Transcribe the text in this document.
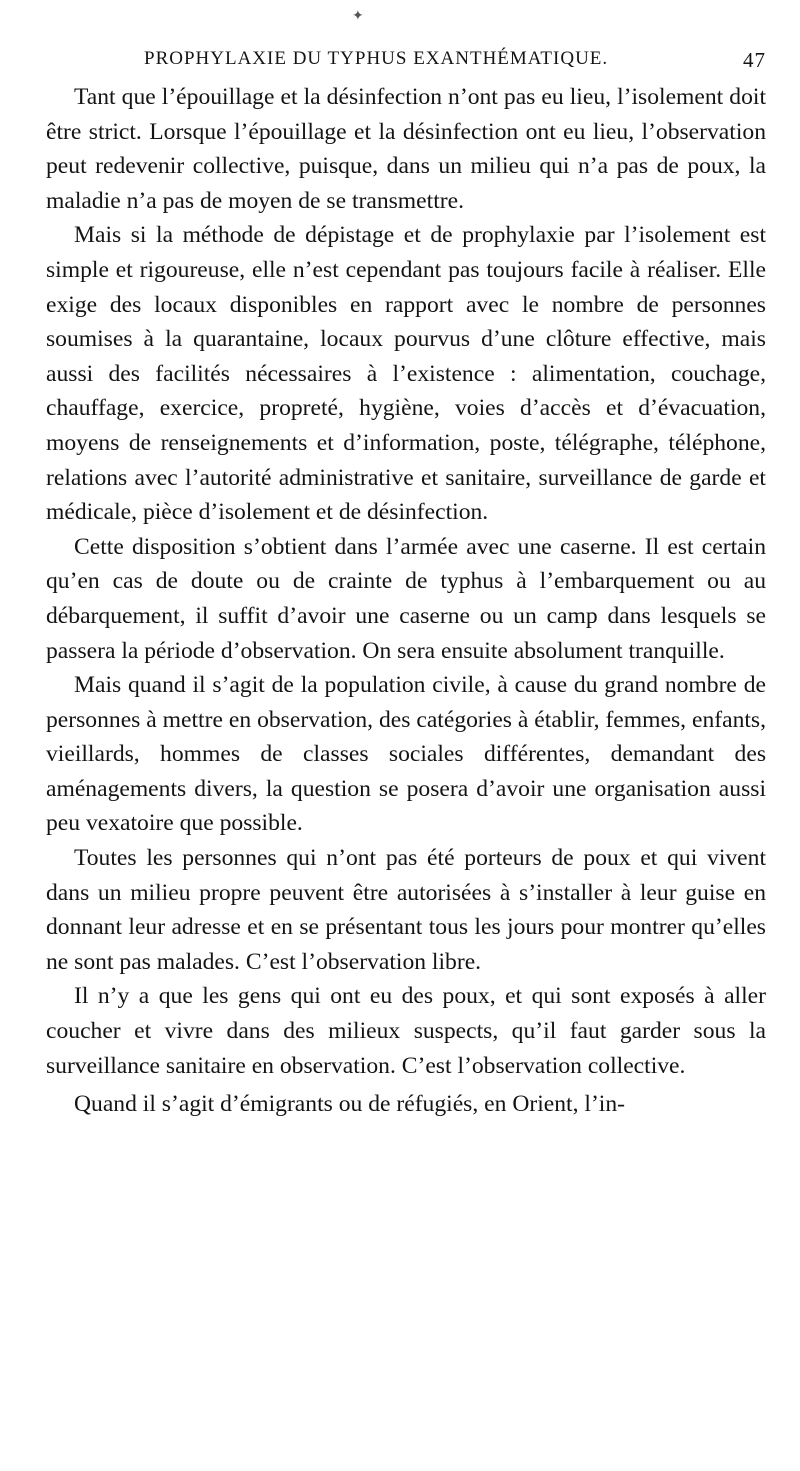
✦
PROPHYLAXIE DU TYPHUS EXANTHÉMATIQUE.	47

Tant que l’épouillage et la désinfection n’ont pas eu lieu, l’isolement doit être strict. Lorsque l’épouillage et la désinfection ont eu lieu, l’observation peut redevenir collective, puisque, dans un milieu qui n’a pas de poux, la maladie n’a pas de moyen de se transmettre.

Mais si la méthode de dépistage et de prophylaxie par l’isolement est simple et rigoureuse, elle n’est cependant pas toujours facile à réaliser. Elle exige des locaux disponibles en rapport avec le nombre de personnes soumises à la quarantaine, locaux pourvus d’une clôture effective, mais aussi des facilités nécessaires à l’existence : alimentation, couchage, chauffage, exercice, propreté, hygiène, voies d’accès et d’évacuation, moyens de renseignements et d’information, poste, télégraphe, téléphone, relations avec l’autorité administrative et sanitaire, surveillance de garde et médicale, pièce d’isolement et de désinfection.

Cette disposition s’obtient dans l’armée avec une caserne. Il est certain qu’en cas de doute ou de crainte de typhus à l’embarquement ou au débarquement, il suffit d’avoir une caserne ou un camp dans lesquels se passera la période d’observation. On sera ensuite absolument tranquille.

Mais quand il s’agit de la population civile, à cause du grand nombre de personnes à mettre en observation, des catégories à établir, femmes, enfants, vieillards, hommes de classes sociales différentes, demandant des aménagements divers, la question se posera d’avoir une organisation aussi peu vexatoire que possible.

Toutes les personnes qui n’ont pas été porteurs de poux et qui vivent dans un milieu propre peuvent être autorisées à s’installer à leur guise en donnant leur adresse et en se présentant tous les jours pour montrer qu’elles ne sont pas malades. C’est l’observation libre.

Il n’y a que les gens qui ont eu des poux, et qui sont exposés à aller coucher et vivre dans des milieux suspects, qu’il faut garder sous la surveillance sanitaire en observation. C’est l’observation collective.

Quand il s’agit d’émigrants ou de réfugiés, en Orient, l’in-
